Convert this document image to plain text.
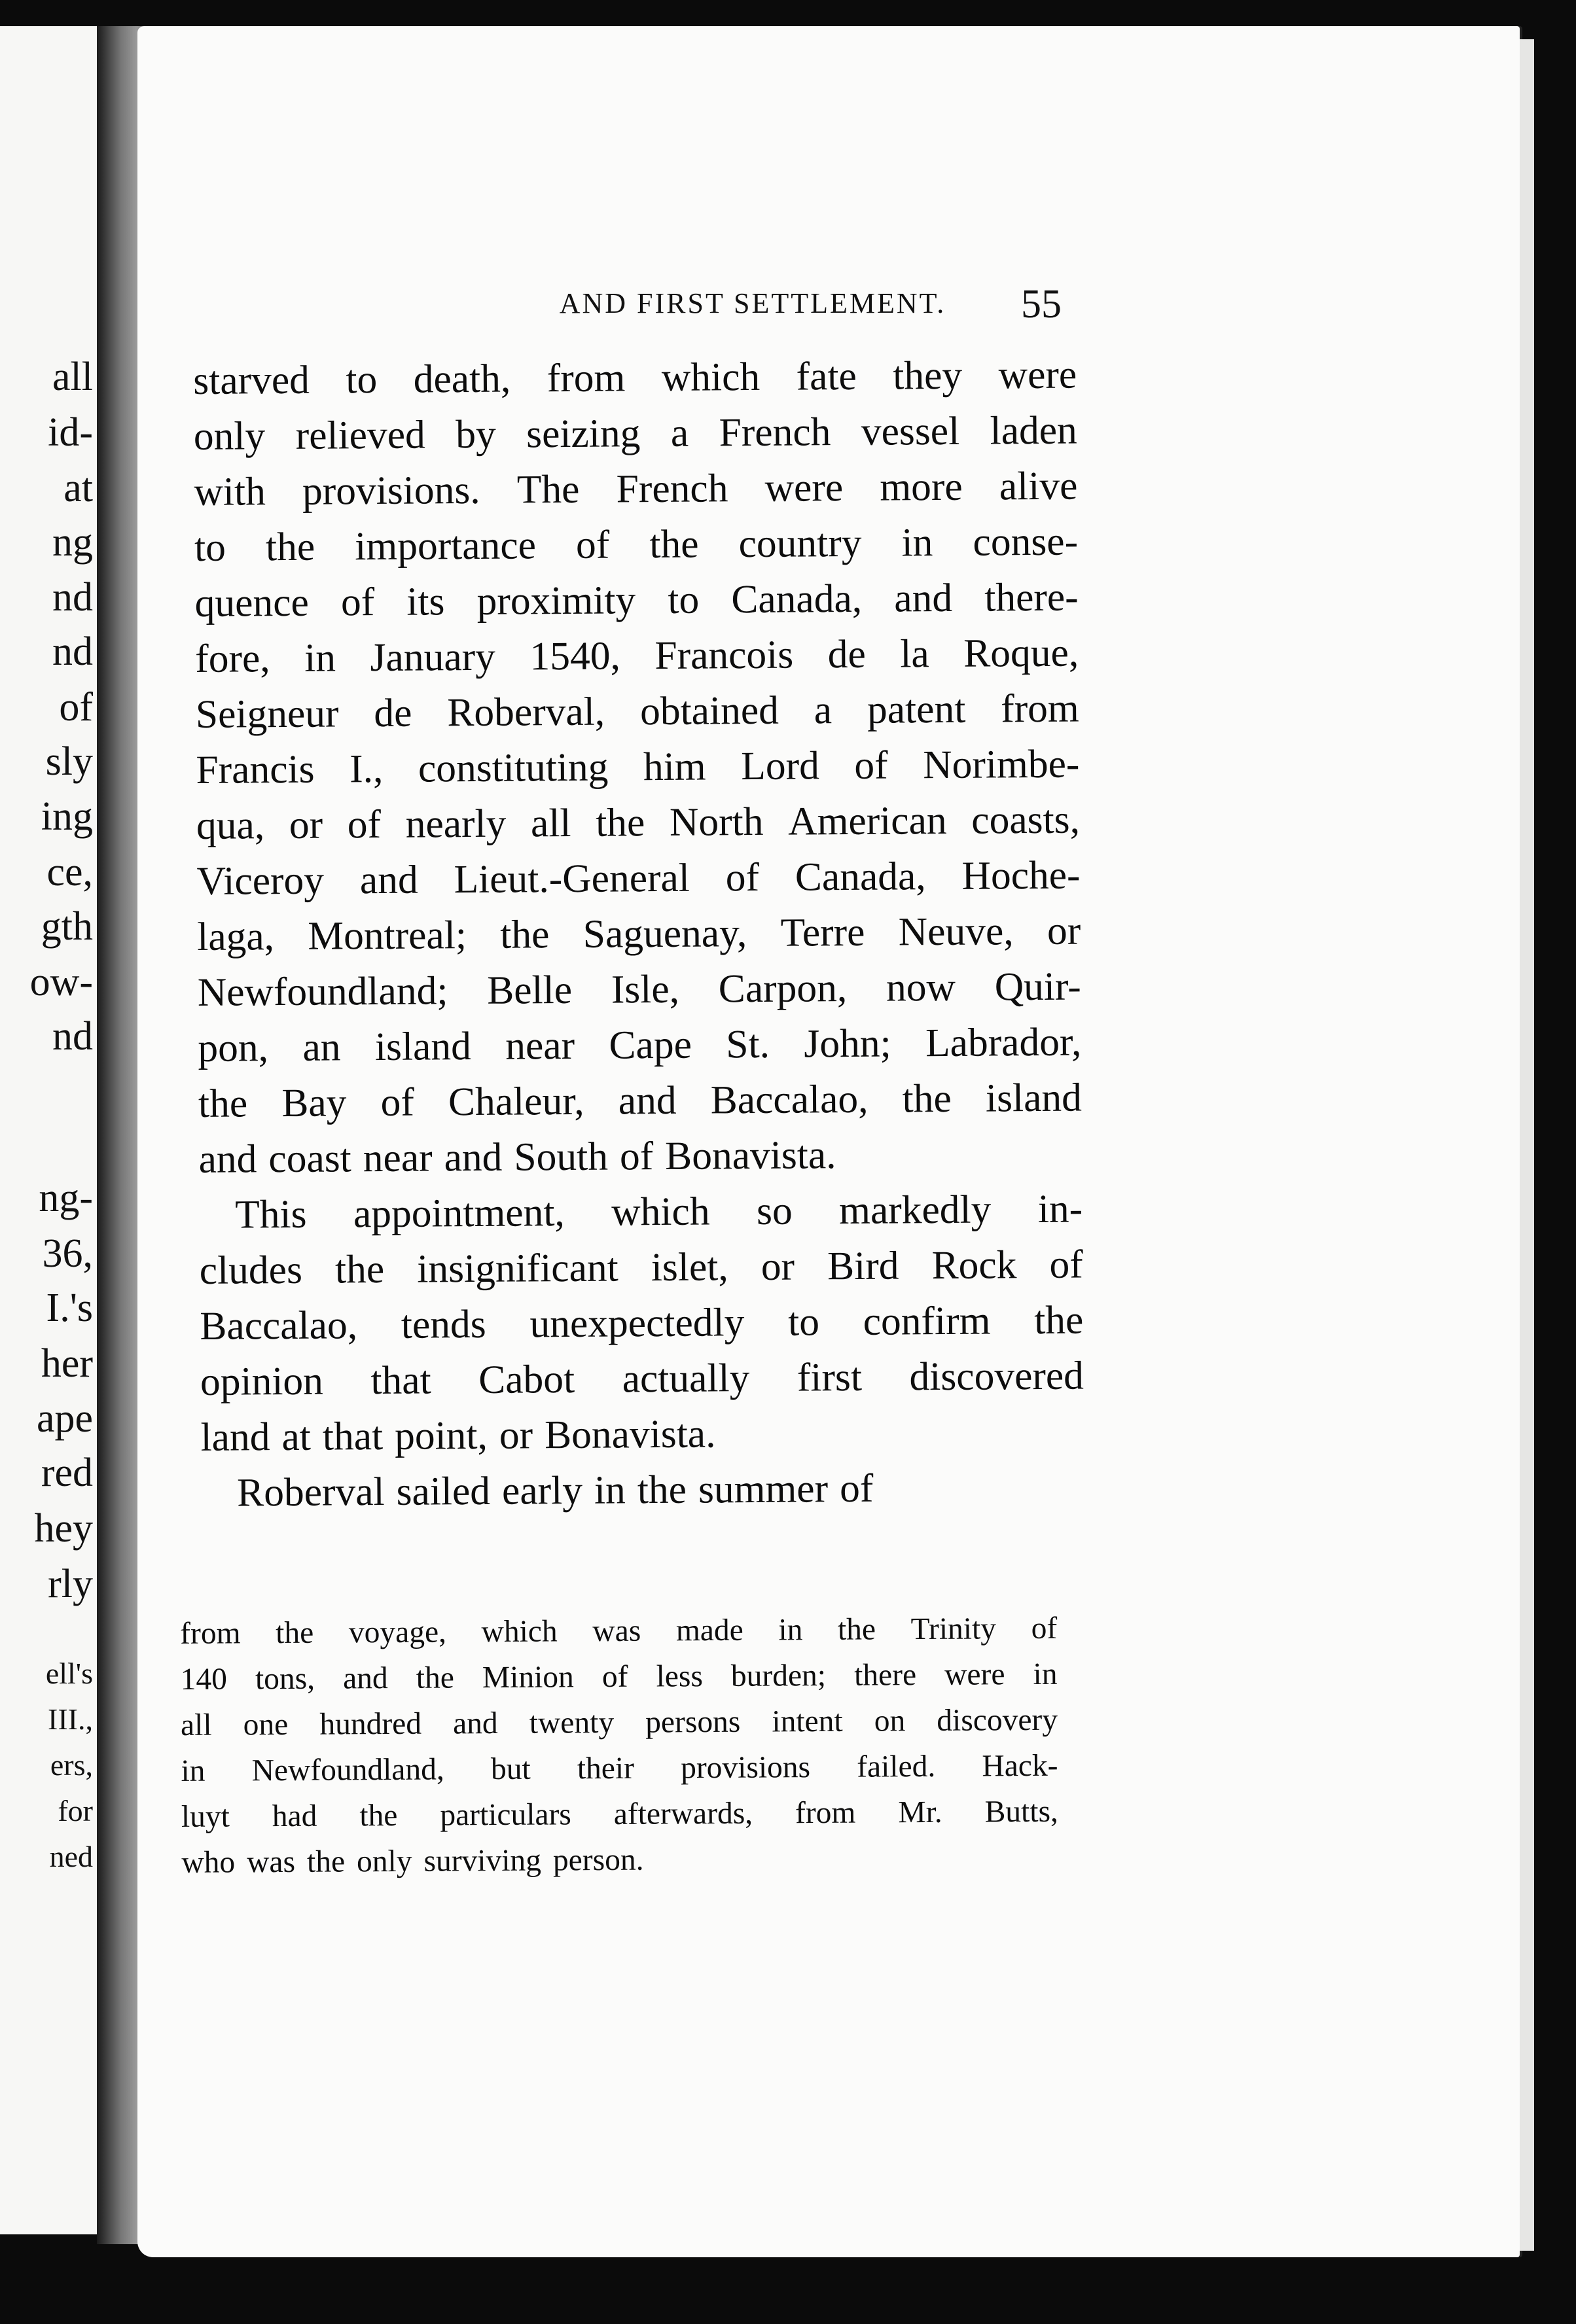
all
id-
at
ng
nd
nd
of
sly
ing
ce,
gth
ow-
nd
ng-
36,
I.'s
her
ape
red
hey
rly
ell's
III.,
ers,
for
ned
AND FIRST SETTLEMENT.	55
starved to death, from which fate they were
only relieved by seizing a French vessel laden
with provisions. The French were more alive
to the importance of the country in conse-
quence of its proximity to Canada, and there-
fore, in January 1540, Francois de la Roque,
Seigneur de Roberval, obtained a patent from
Francis I., constituting him Lord of Norimbe-
qua, or of nearly all the North American coasts,
Viceroy and Lieut.-General of Canada, Hoche-
laga, Montreal; the Saguenay, Terre Neuve, or
Newfoundland; Belle Isle, Carpon, now Quir-
pon, an island near Cape St. John; Labrador,
the Bay of Chaleur, and Baccalao, the island
and coast near and South of Bonavista.
This appointment, which so markedly in-
cludes the insignificant islet, or Bird Rock of
Baccalao, tends unexpectedly to confirm the
opinion that Cabot actually first discovered
land at that point, or Bonavista.
Roberval sailed early in the summer of
from the voyage, which was made in the Trinity of
140 tons, and the Minion of less burden; there were in
all one hundred and twenty persons intent on discovery
in Newfoundland, but their provisions failed. Hack-
luyt had the particulars afterwards, from Mr. Butts,
who was the only surviving person.
